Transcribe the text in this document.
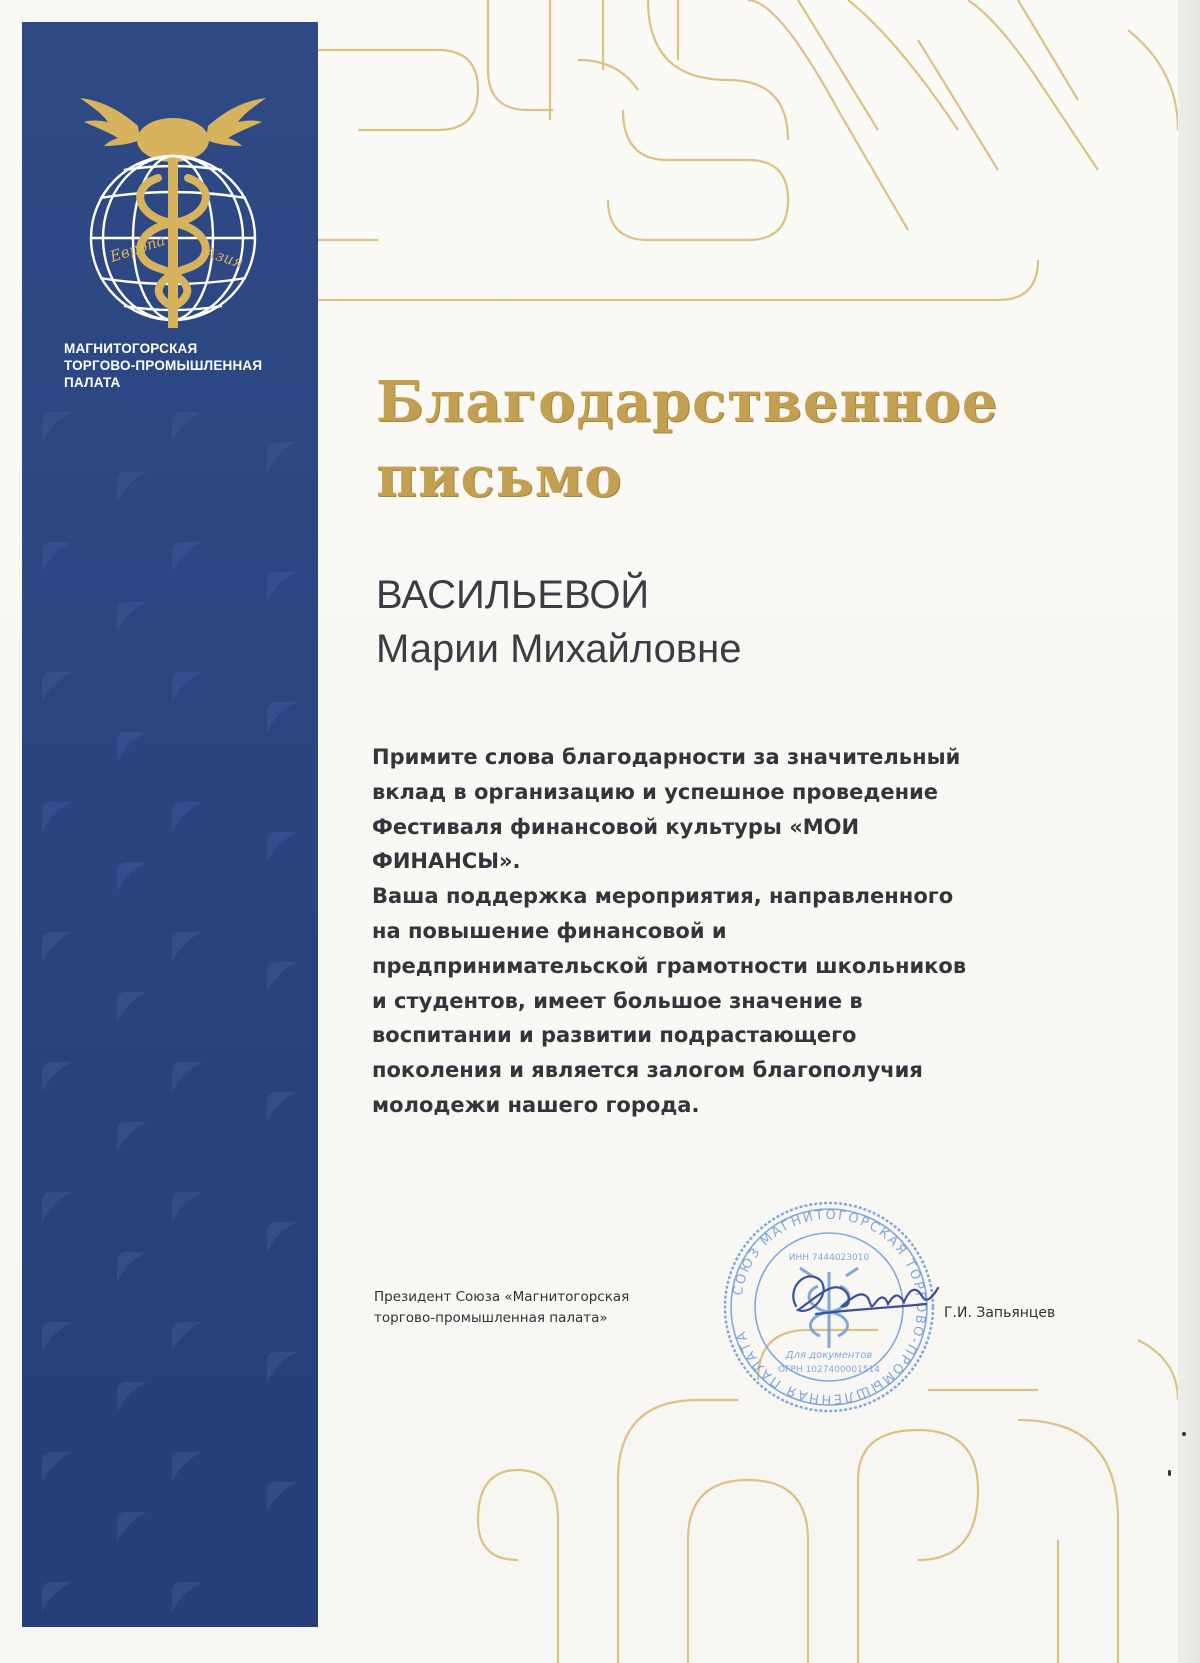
Европа Азия
МАГНИТОГОРСКАЯ
ТОРГОВО-ПРОМЫШЛЕННАЯ
ПАЛАТА	Благодарственное
письмо
ВАСИЛЬЕВОЙ
Марии Михайловне
Примите слова благодарности за значительный
вклад в организацию и успешное проведение
Фестиваля финансовой культуры «МОИ
ФИНАНСЫ».
Ваша поддержка мероприятия, направленного
на повышение финансовой и
предпринимательской грамотности школьников
и студентов, имеет большое значение в
воспитании и развитии подрастающего
поколения и является залогом благополучия
молодежи нашего города.
Президент Союза «Магнитогорская
торгово-промышленная палата»
СОЮЗ МАГНИТОГОРСКАЯ ТОРГОВО-ПРОМЫШЛЕННАЯ ПАЛАТА
ИНН 7444023010
Для документов
ОГРН 1027400001514
Г.И. Запьянцев
